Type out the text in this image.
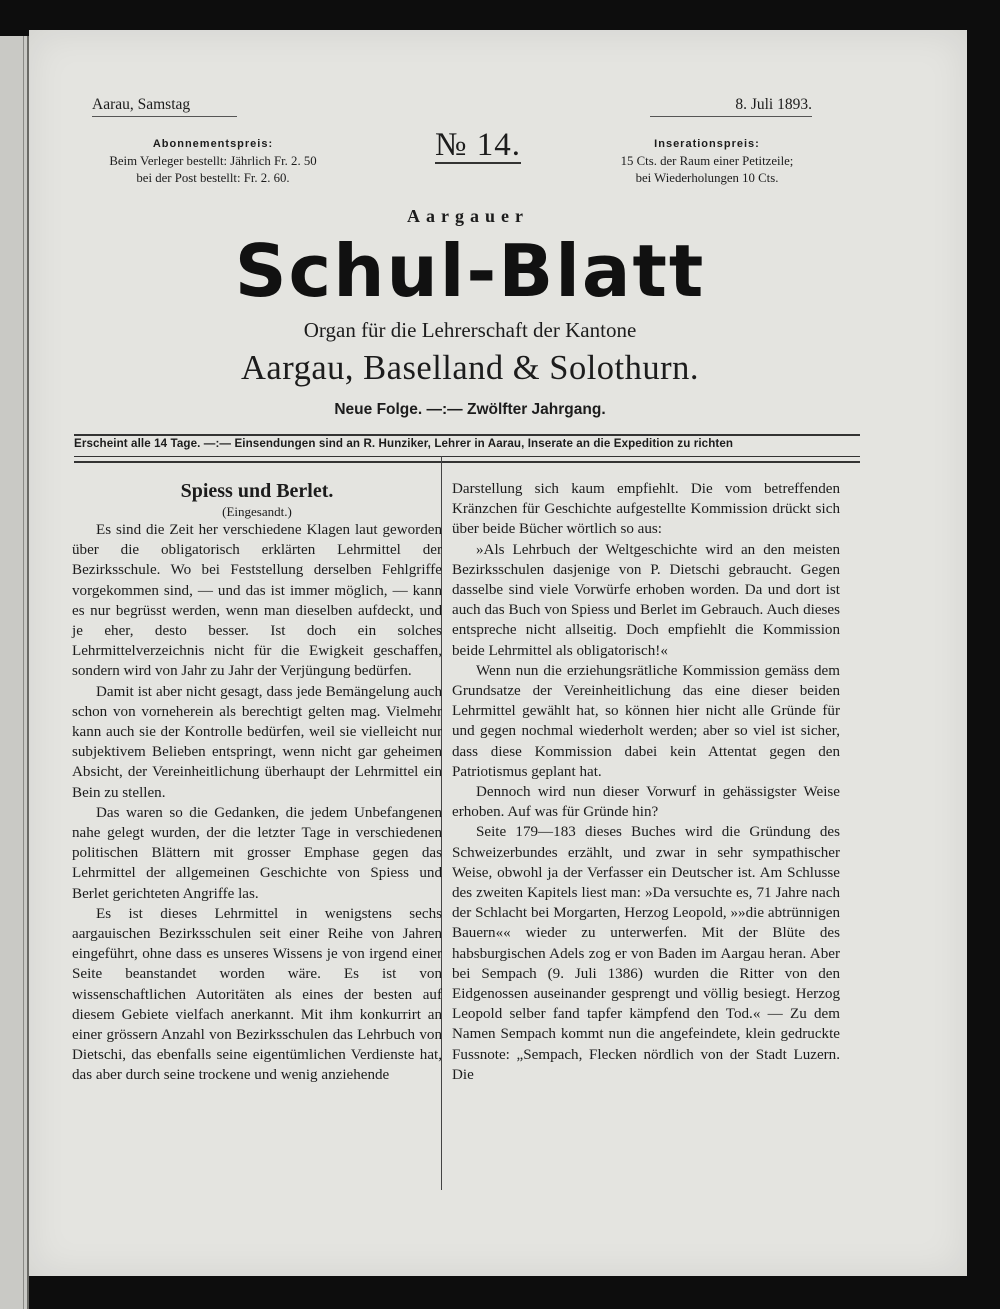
Aarau, Samstag
№ 14.
8. Juli 1893.
Abonnementspreis:
Beim Verleger bestellt: Jährlich Fr. 2. 50
bei der Post bestellt: Fr. 2. 60.
Inserationspreis:
15 Cts. der Raum einer Petitzeile;
bei Wiederholungen 10 Cts.
Aargauer
Schul-Blatt
Organ für die Lehrerschaft der Kantone
Aargau, Baselland & Solothurn.
Neue Folge. —:— Zwölfter Jahrgang.
Erscheint alle 14 Tage. —:— Einsendungen sind an R. Hunziker, Lehrer in Aarau, Inserate an die Expedition zu richten
Spiess und Berlet.
(Eingesandt.)

Es sind die Zeit her verschiedene Klagen laut geworden über die obligatorisch erklärten Lehrmittel der Bezirksschule. Wo bei Feststellung derselben Fehlgriffe vorgekommen sind, — und das ist immer möglich, — kann es nur begrüsst werden, wenn man dieselben aufdeckt, und je eher, desto besser. Ist doch ein solches Lehrmittelverzeichnis nicht für die Ewigkeit geschaffen, sondern wird von Jahr zu Jahr der Verjüngung bedürfen.

Damit ist aber nicht gesagt, dass jede Bemängelung auch schon von vorneherein als berechtigt gelten mag. Vielmehr kann auch sie der Kontrolle bedürfen, weil sie vielleicht nur subjektivem Belieben entspringt, wenn nicht gar geheimen Absicht, der Vereinheitlichung überhaupt der Lehrmittel ein Bein zu stellen.

Das waren so die Gedanken, die jedem Unbefangenen nahe gelegt wurden, der die letzter Tage in verschiedenen politischen Blättern mit grosser Emphase gegen das Lehrmittel der allgemeinen Geschichte von Spiess und Berlet gerichteten Angriffe las.

Es ist dieses Lehrmittel in wenigstens sechs aargauischen Bezirksschulen seit einer Reihe von Jahren eingeführt, ohne dass es unseres Wissens je von irgend einer Seite beanstandet worden wäre. Es ist von wissenschaftlichen Autoritäten als eines der besten auf diesem Gebiete vielfach anerkannt. Mit ihm konkurrirt an einer grössern Anzahl von Bezirksschulen das Lehrbuch von Dietschi, das ebenfalls seine eigentümlichen Verdienste hat, das aber durch seine trockene und wenig anziehende

Darstellung sich kaum empfiehlt. Die vom betreffenden Kränzchen für Geschichte aufgestellte Kommission drückt sich über beide Bücher wörtlich so aus:

»Als Lehrbuch der Weltgeschichte wird an den meisten Bezirksschulen dasjenige von P. Dietschi gebraucht. Gegen dasselbe sind viele Vorwürfe erhoben worden. Da und dort ist auch das Buch von Spiess und Berlet im Gebrauch. Auch dieses entspreche nicht allseitig. Doch empfiehlt die Kommission beide Lehrmittel als obligatorisch!«

Wenn nun die erziehungsrätliche Kommission gemäss dem Grundsatze der Vereinheitlichung das eine dieser beiden Lehrmittel gewählt hat, so können hier nicht alle Gründe für und gegen nochmal wiederholt werden; aber so viel ist sicher, dass diese Kommission dabei kein Attentat gegen den Patriotismus geplant hat.

Dennoch wird nun dieser Vorwurf in gehässigster Weise erhoben. Auf was für Gründe hin?

Seite 179—183 dieses Buches wird die Gründung des Schweizerbundes erzählt, und zwar in sehr sympathischer Weise, obwohl ja der Verfasser ein Deutscher ist. Am Schlusse des zweiten Kapitels liest man: »Da versuchte es, 71 Jahre nach der Schlacht bei Morgarten, Herzog Leopold, »»die abtrünnigen Bauern«« wieder zu unterwerfen. Mit der Blüte des habsburgischen Adels zog er von Baden im Aargau heran. Aber bei Sempach (9. Juli 1386) wurden die Ritter von den Eidgenossen auseinander gesprengt und völlig besiegt. Herzog Leopold selber fand tapfer kämpfend den Tod.« — Zu dem Namen Sempach kommt nun die angefeindete, klein gedruckte Fussnote: „Sempach, Flecken nördlich von der Stadt Luzern. Die
